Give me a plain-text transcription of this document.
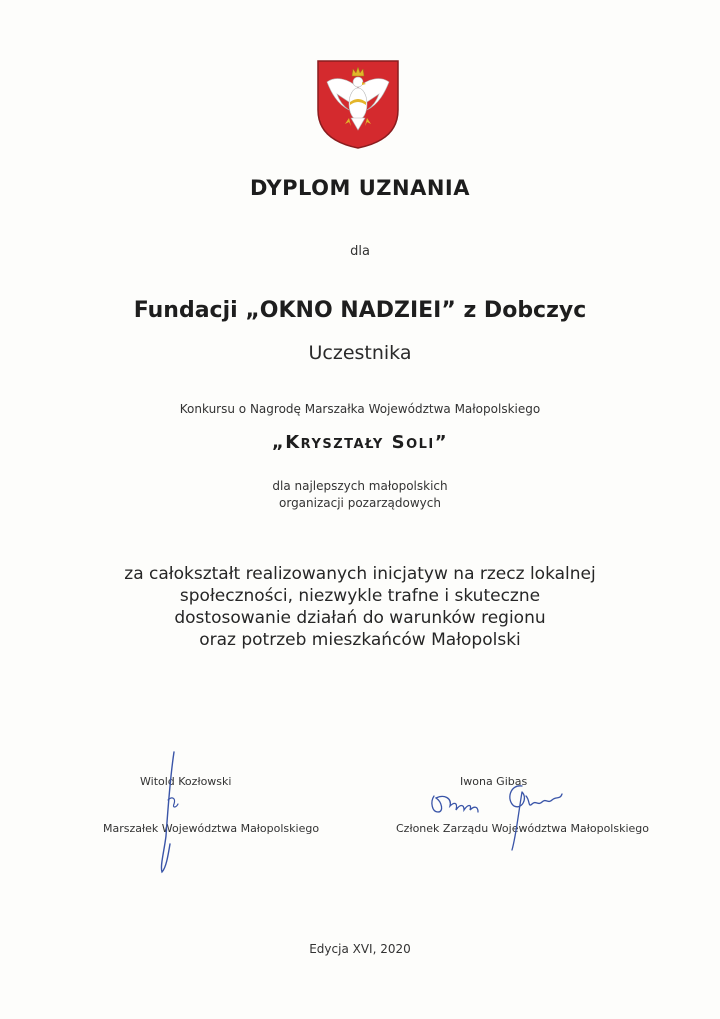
DYPLOM UZNANIA
dla
Fundacji „OKNO NADZIEI” z Dobczyc
Uczestnika
Konkursu o Nagrodę Marszałka Województwa Małopolskiego
„Kryształy Soli”
dla najlepszych małopolskich
organizacji pozarządowych
za całokształt realizowanych inicjatyw na rzecz lokalnej
społeczności, niezwykle trafne i skuteczne
dostosowanie działań do warunków regionu
oraz potrzeb mieszkańców Małopolski
Witold Kozłowski
Marszałek Województwa Małopolskiego
Iwona Gibas
Członek Zarządu Województwa Małopolskiego
Edycja XVI, 2020
